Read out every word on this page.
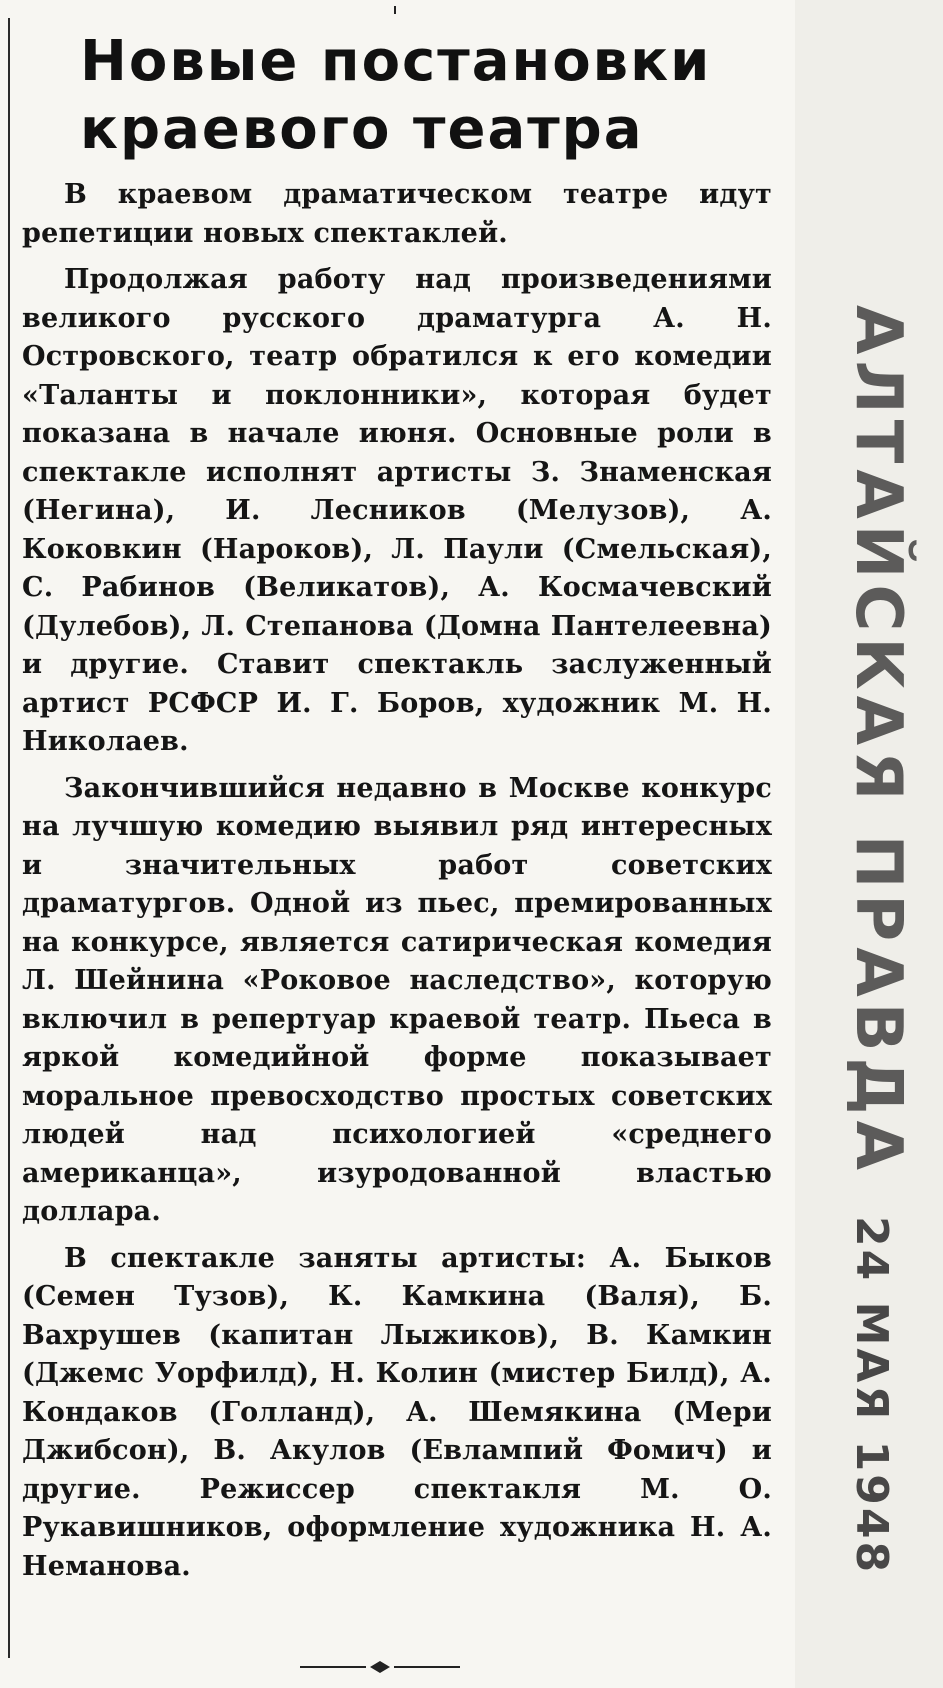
Новые постановки
краевого театра

В краевом драматическом театре идут репетиции новых спектаклей.

Продолжая работу над произведениями великого русского драматурга А. Н. Островского, театр обратился к его комедии «Таланты и поклонники», которая будет показана в начале июня. Основные роли в спектакле исполнят артисты З. Знаменская (Негина), И. Лесников (Мелузов), А. Коковкин (Нароков), Л. Паули (Смельская), С. Рабинов (Великатов), А. Космачевский (Дулебов), Л. Степанова (Домна Пантелеевна) и другие. Ставит спектакль заслуженный артист РСФСР И. Г. Боров, художник М. Н. Николаев.

Закончившийся недавно в Москве конкурс на лучшую комедию выявил ряд интересных и значительных работ советских драматургов. Одной из пьес, премированных на конкурсе, является сатирическая комедия Л. Шейнина «Роковое наследство», которую включил в репертуар краевой театр. Пьеса в яркой комедийной форме показывает моральное превосходство простых советских людей над психологией «среднего американца», изуродованной властью доллара.

В спектакле заняты артисты: А. Быков (Семен Тузов), К. Камкина (Валя), Б. Вахрушев (капитан Лыжиков), В. Камкин (Джемс Уорфилд), Н. Колин (мистер Билд), А. Кондаков (Голланд), А. Шемякина (Мери Джибсон), В. Акулов (Евлампий Фомич) и другие. Режиссер спектакля М. О. Рукавишников, оформление художника Н. А. Неманова.

АЛТАЙСКАЯ ПРАВДА
24 МАЯ 1948
